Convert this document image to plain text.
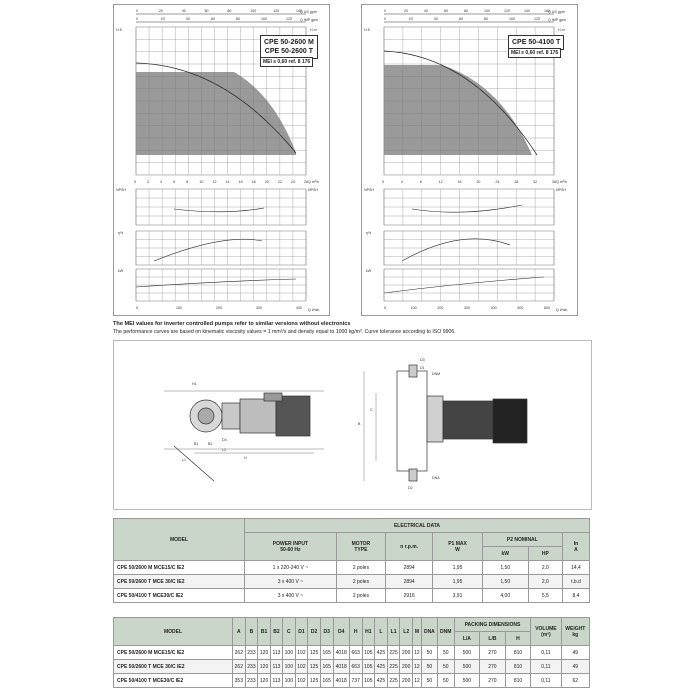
H ft	H m
Q US gpm
Q IMP gpm
Q m³/h
NPSH	NPSH
η%
kW
Q l/min
0	2	4	6	8	10	12	14	16	18	20	22	24	26
0	20	40	60	80	100	120	140
0	20	40	60	80	100	120
0	100	200	300	400
CPE 50-2600 M
CPE 50-2600 T
MEI ≥ 0,60 ref. 8 176
H ft	H m
Q US gpm
Q IMP gpm
Q m³/h
NPSH	NPSH
η%
kW
Q l/min
0	4	8	12	16	20	24	28	32	36
0	20	40	60	80	100	120	140	160
0	20	40	60	80	100	120
0	100	200	300	400	500	600
CPE 50-4100 T
MEI ≥ 0,60 ref. 8 176
The MEI values for inverter controlled pumps refer to similar versions without electronics
The performance curves are based on kinematic viscosity values = 1 mm²/s and density equal to 1000 kg/m³. Curve tolerance according to ISO 9906.
H1
H
B1	B2
L1
D4
L2
D3
D1
DNM
DNA
D2
C
B
MODEL	ELECTRICAL DATA						
	POWER INPUT
50-60 Hz	MOTOR
TYPE	n r.p.m.	P1 MAX
W	P2 NOMINAL		In
A
					kW	HP	
CPE 50/2600 M MCE15/C IE2	1 x 220-240 V ~	2 poles	2894	1,95	1,50	2,0	14,4
CPE 50/2600 T MCE 30/C IE2	3 x 400 V ~	2 poles	2894	1,95	1,50	2,0	t.b.d
CPE 50/4100 T MCE30/C IE2	3 x 400 V ~	2 poles	2916	3,91	4,00	5,5	8,4
MODEL	A	B	B1	B2	C	D1	D2	D3	D4	H	H1	L	L1	L2	M	DNA	DNM	PACKING DIMENSIONS			VOLUME
(m³)	WEIGHT
kg
																		L/A	L/B	H		
CPE 50/2600 M MCE15/C IE2	262	233	120	113	100	102	125	165	4018	663	105	425	225	200	12	50	50	500	270	810	0,11	49
CPE 50/2600 T MCE 30/C IE2	262	233	120	113	100	102	125	165	4018	663	105	425	225	200	12	50	50	500	270	810	0,11	49
CPE 50/4100 T MCE30/C IE2	353	233	120	113	100	102	125	165	4018	737	105	425	225	200	12	50	50	500	270	810	0,11	62
